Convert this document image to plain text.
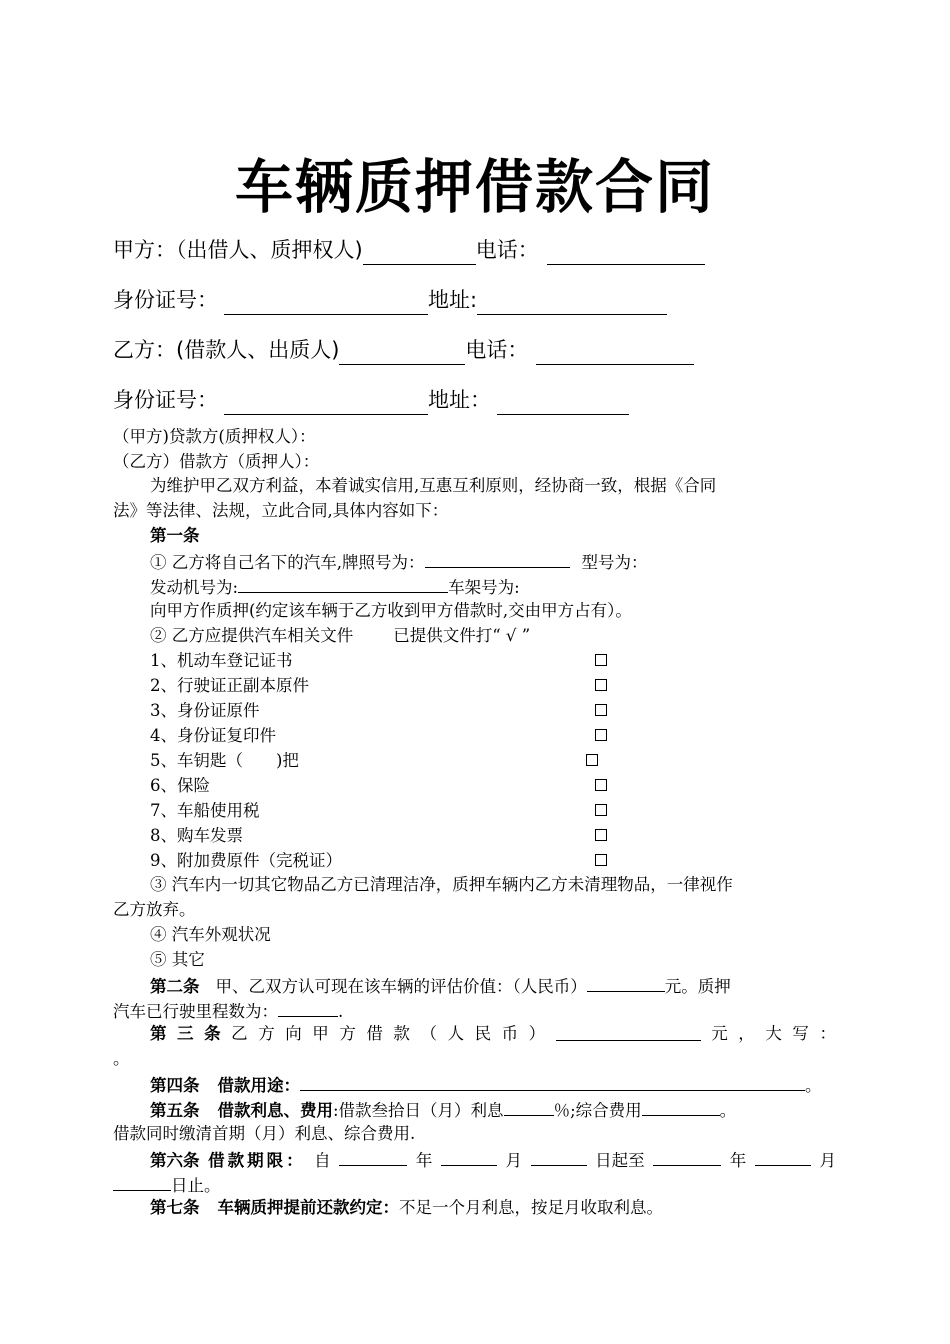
车辆质押借款合同
甲方：（出借人、质押权人)	电话：
身份证号：	地址:
乙方：(借款人、出质人)	电话：
身份证号：	地址：
（甲方)贷款方(质押权人）：
（乙方）借款方（质押人）：
为维护甲乙双方利益，本着诚实信用,互惠互利原则，经协商一致，根据《合同
法》等法律、法规，立此合同,具体内容如下：
第一条
① 乙方将自己名下的汽车,牌照号为：	型号为：
发动机号为:	车架号为:
向甲方作质押(约定该车辆于乙方收到甲方借款时,交由甲方占有）。
② 乙方应提供汽车相关文件 已提供文件打“ √ ”
1、机动车登记证书
2、行驶证正副本原件
3、身份证原件
4、身份证复印件
5、车钥匙（　　)把
6、保险
7、车船使用税
8、购车发票
9、附加费原件（完税证）
③ 汽车内一切其它物品乙方已清理洁净，质押车辆内乙方未清理物品，一律视作
乙方放弃。
④ 汽车外观状况
⑤ 其它
第二条 甲、乙双方认可现在该车辆的评估价值：（人民币）	元。质押
汽车已行驶里程数为：	.
第 三 条 乙 方 向 甲 方 借 款 （ 人 民 币 ）	元 ， 大 写 ：
。
第四条 借款用途：	。
第五条 借款利息、费用:借款叁拾日（月）利息	％;综合费用	。
借款同时缴清首期（月）利息、综合费用.
第六条 借款期限： 自	年	月	日起至	年	月
日止。
第七条 车辆质押提前还款约定：不足一个月利息，按足月收取利息。
